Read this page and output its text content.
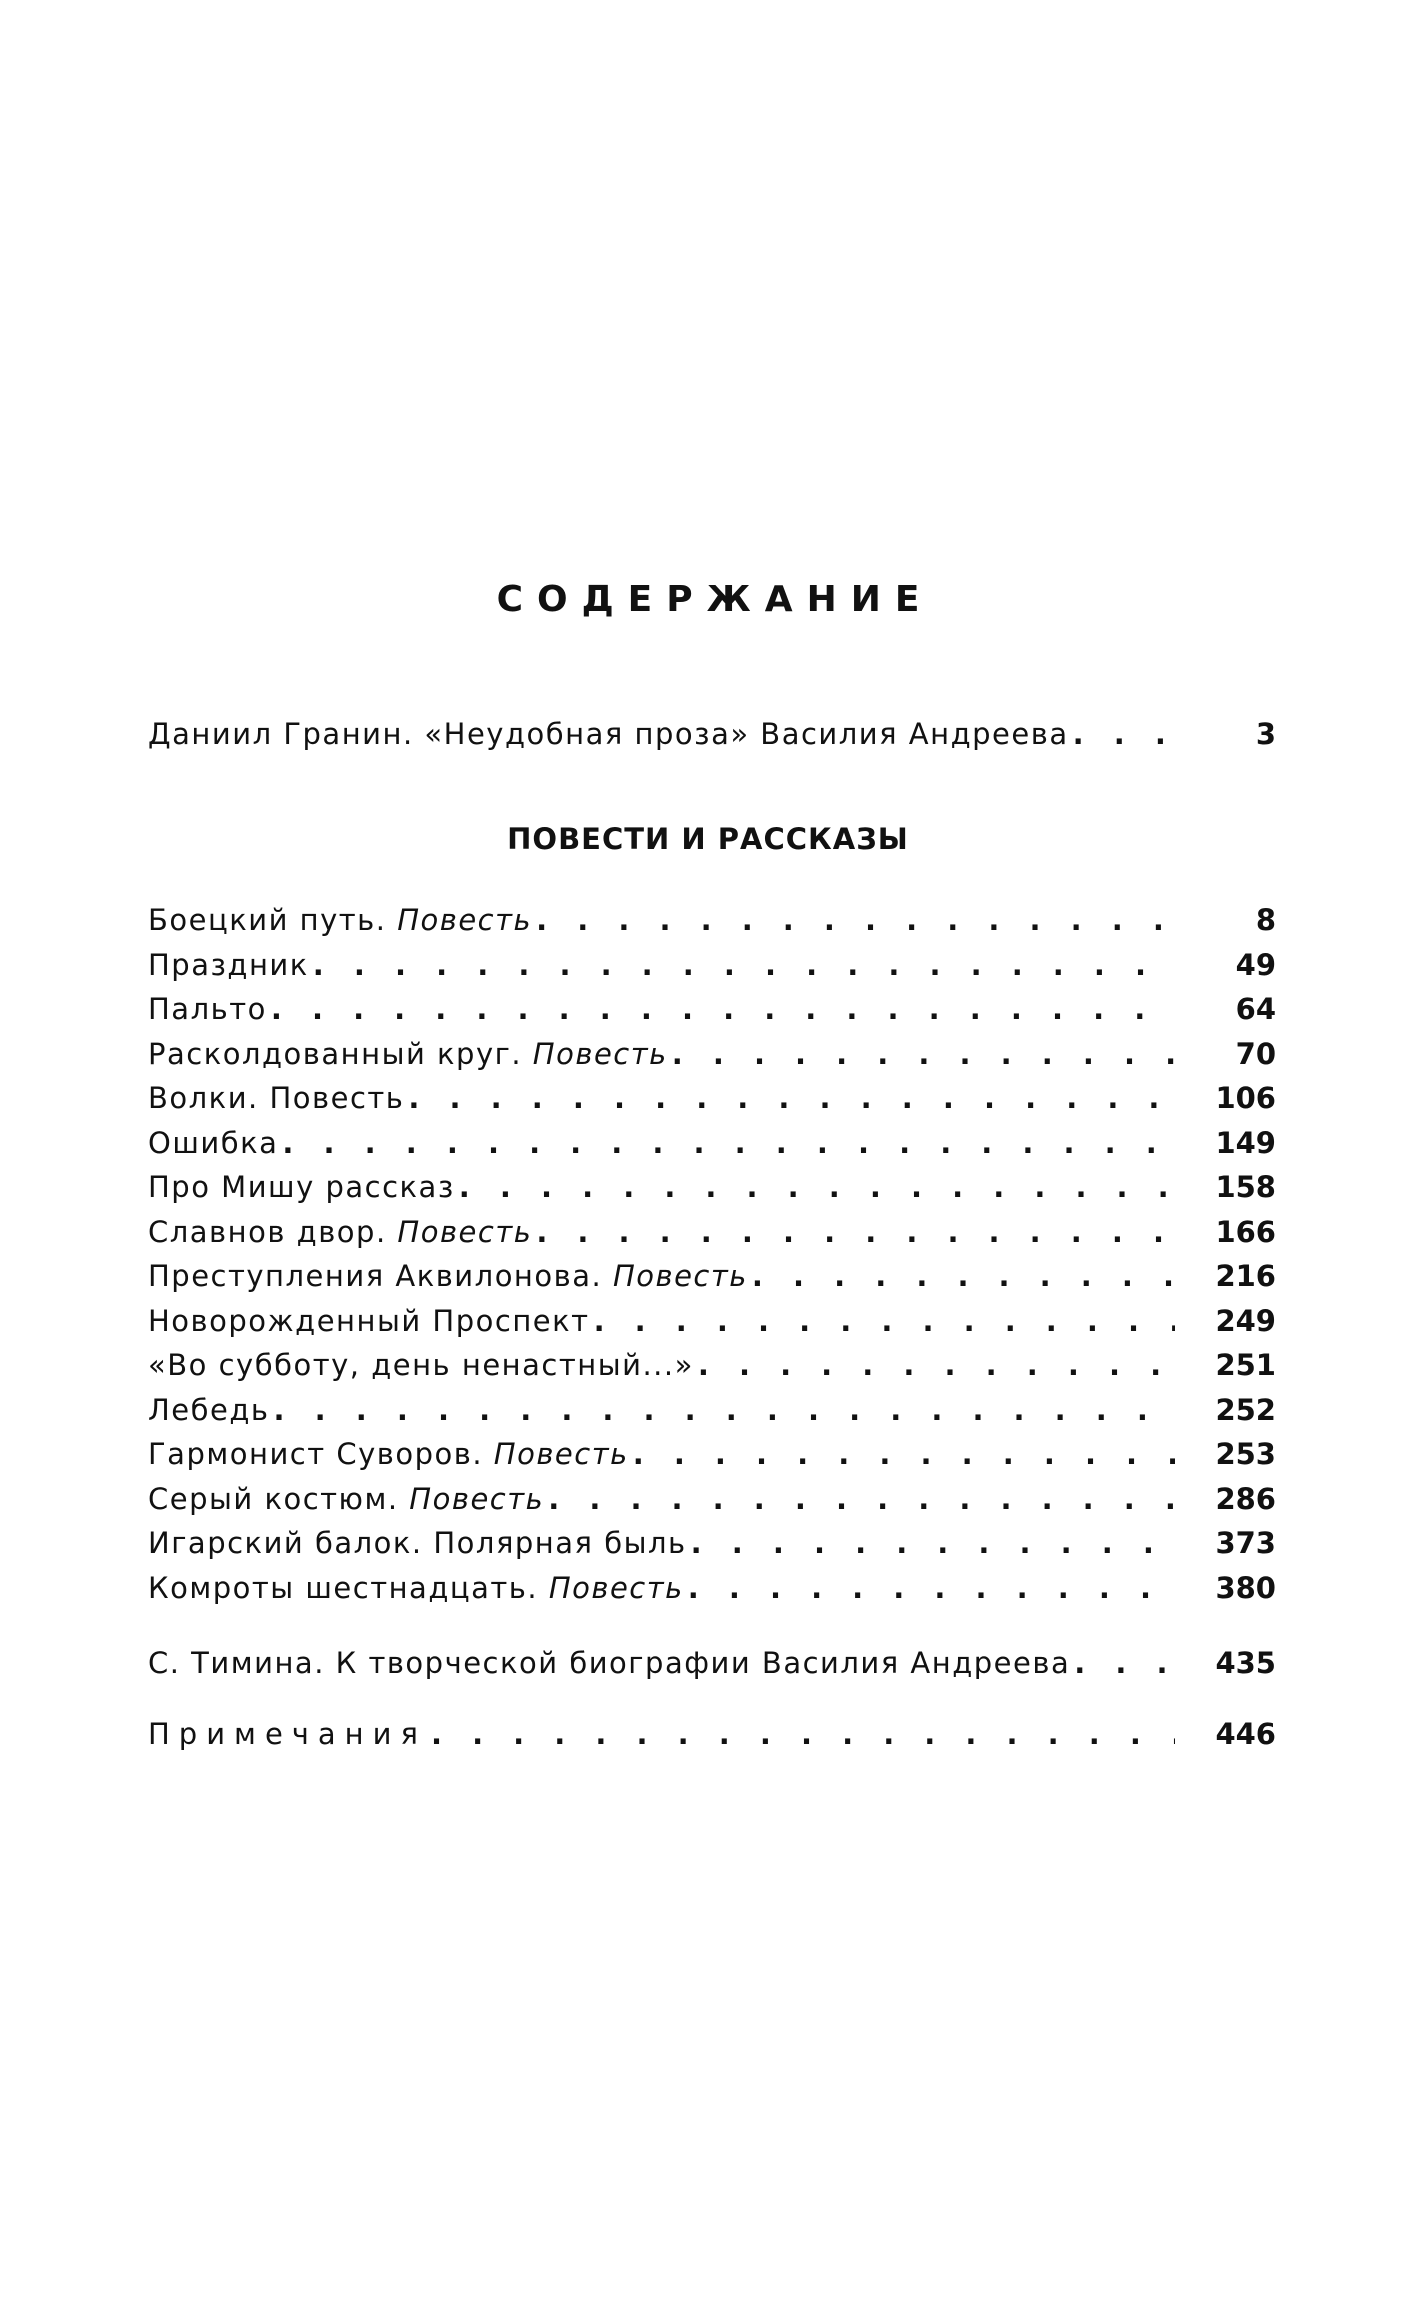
СОДЕРЖАНИЕ
Даниил Гранин. «Неудобная проза» Василия Андреева . . .	3
ПОВЕСТИ И РАССКАЗЫ
Боецкий путь. Повесть . . .	8
Праздник . . .	49
Пальто . . .	64
Расколдованный круг. Повесть . . .	70
Волки. Повесть . . .	106
Ошибка . . .	149
Про Мишу рассказ . . .	158
Славнов двор. Повесть . . .	166
Преступления Аквилонова. Повесть . . .	216
Новорожденный Проспект . . .	249
«Во субботу, день ненастный...» . . .	251
Лебедь . . .	252
Гармонист Суворов. Повесть . . .	253
Серый костюм. Повесть . . .	286
Игарский балок. Полярная быль . . .	373
Комроты шестнадцать. Повесть . . .	380
С. Тимина. К творческой биографии Василия Андреева . . .	435
Примечания . . .	446
